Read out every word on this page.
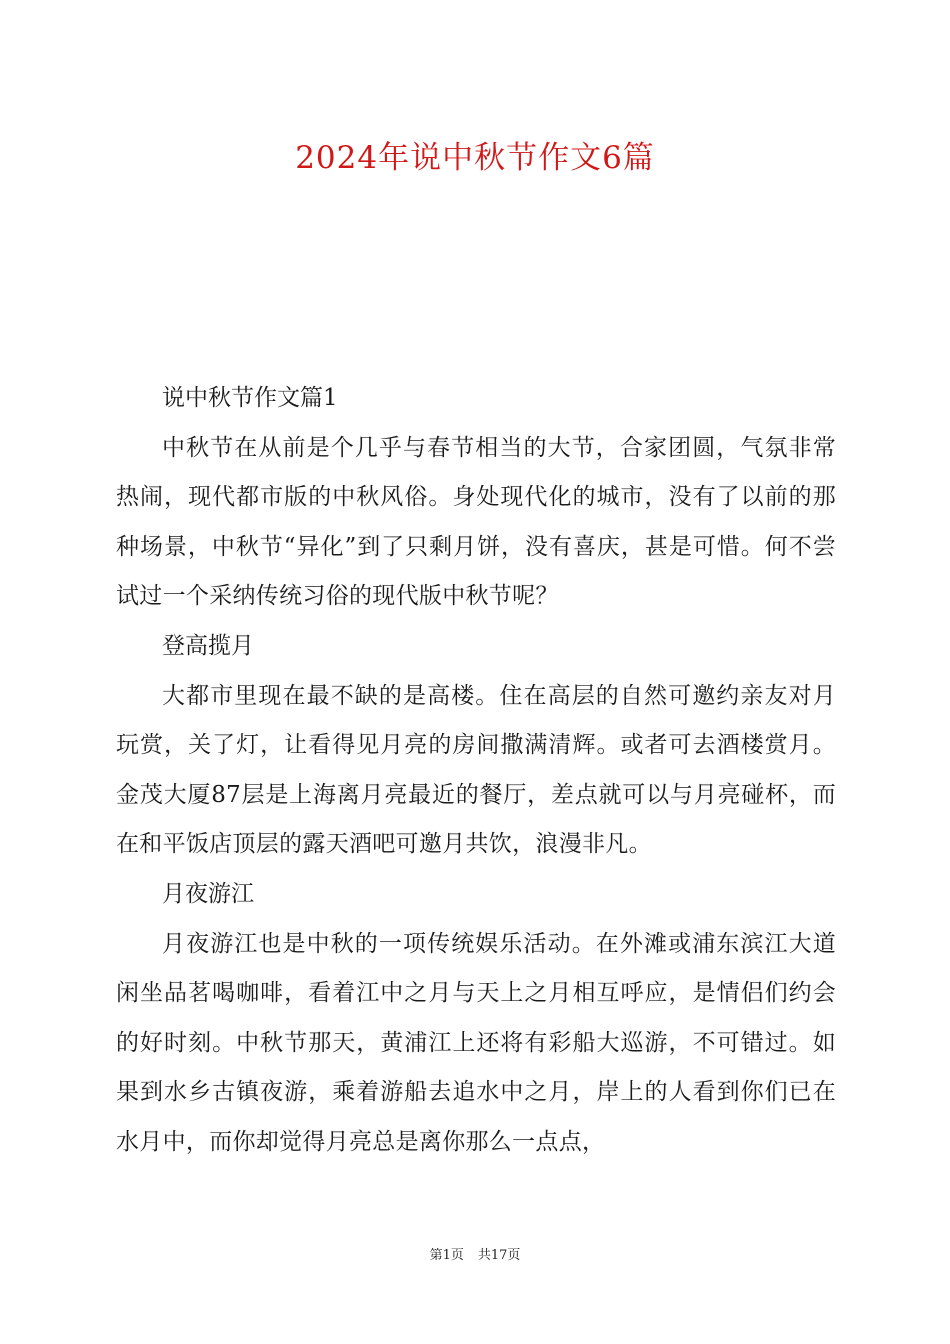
2024年说中秋节作文6篇

说中秋节作文篇1

中秋节在从前是个几乎与春节相当的大节，合家团圆，气氛非常热闹，现代都市版的中秋风俗。身处现代化的城市，没有了以前的那种场景，中秋节“异化”到了只剩月饼，没有喜庆，甚是可惜。何不尝试过一个采纳传统习俗的现代版中秋节呢？

登高揽月

大都市里现在最不缺的是高楼。住在高层的自然可邀约亲友对月玩赏，关了灯，让看得见月亮的房间撒满清辉。或者可去酒楼赏月。金茂大厦87层是上海离月亮最近的餐厅，差点就可以与月亮碰杯，而在和平饭店顶层的露天酒吧可邀月共饮，浪漫非凡。

月夜游江

月夜游江也是中秋的一项传统娱乐活动。在外滩或浦东滨江大道闲坐品茗喝咖啡，看着江中之月与天上之月相互呼应，是情侣们约会的好时刻。中秋节那天，黄浦江上还将有彩船大巡游，不可错过。如果到水乡古镇夜游，乘着游船去追水中之月，岸上的人看到你们已在水月中，而你却觉得月亮总是离你那么一点点，

第1页 共17页
